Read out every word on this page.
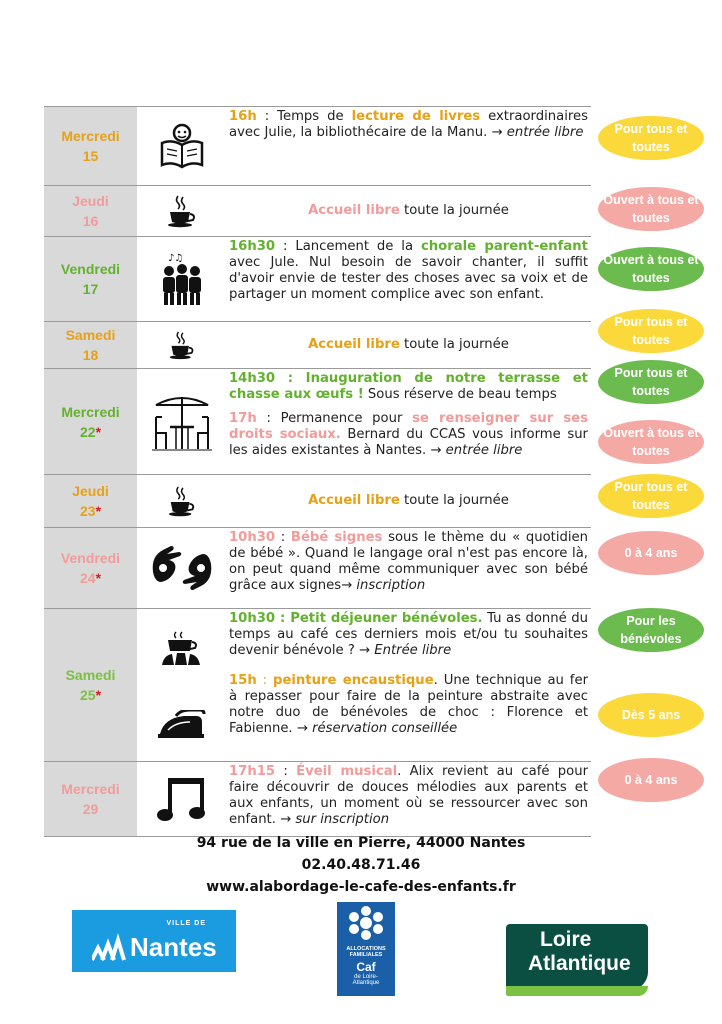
Mercredi
15
16h : Temps de lecture de livres extraordinaires avec Julie, la bibliothécaire de la Manu. → entrée libre
Jeudi
16
Accueil libre toute la journée
Vendredi
17
♪♫
16h30 : Lancement de la chorale parent-enfant avec Jule. Nul besoin de savoir chanter, il suffit d'avoir envie de tester des choses avec sa voix et de partager un moment complice avec son enfant.
Samedi
18
Accueil libre toute la journée
Mercredi
22*
14h30 : Inauguration de notre terrasse et chasse aux œufs ! Sous réserve de beau temps
17h : Permanence pour se renseigner sur ses droits sociaux. Bernard du CCAS vous informe sur les aides existantes à Nantes. → entrée libre
Jeudi
23*
Accueil libre toute la journée
Vendredi
24*
10h30 : Bébé signes sous le thème du « quotidien de bébé ». Quand le langage oral n'est pas encore là, on peut quand même communiquer avec son bébé grâce aux signes→ inscription
Samedi
25*
10h30 : Petit déjeuner bénévoles. Tu as donné du temps au café ces derniers mois et/ou tu souhaites devenir bénévole ? → Entrée libre
15h : peinture encaustique. Une technique au fer à repasser pour faire de la peinture abstraite avec notre duo de bénévoles de choc : Florence et Fabienne. → réservation conseillée
Mercredi
29
17h15 : Éveil musical. Alix revient au café pour faire découvrir de douces mélodies aux parents et aux enfants, un moment où se ressourcer avec son enfant. → sur inscription
Pour tous et toutes
Ouvert à tous et toutes
Ouvert à tous et toutes
Pour tous et toutes
Pour tous et toutes
Ouvert à tous et toutes
Pour tous et toutes
0 à 4 ans
Pour les bénévoles
Dès 5 ans
0 à 4 ans
94 rue de la ville en Pierre, 44000 Nantes
02.40.48.71.46
www.alabordage-le-cafe-des-enfants.fr
VILLE DE
Nantes	ALLOCATIONS
FAMILIALES
Caf
de Loire-
Atlantique
Loire
Atlantique
